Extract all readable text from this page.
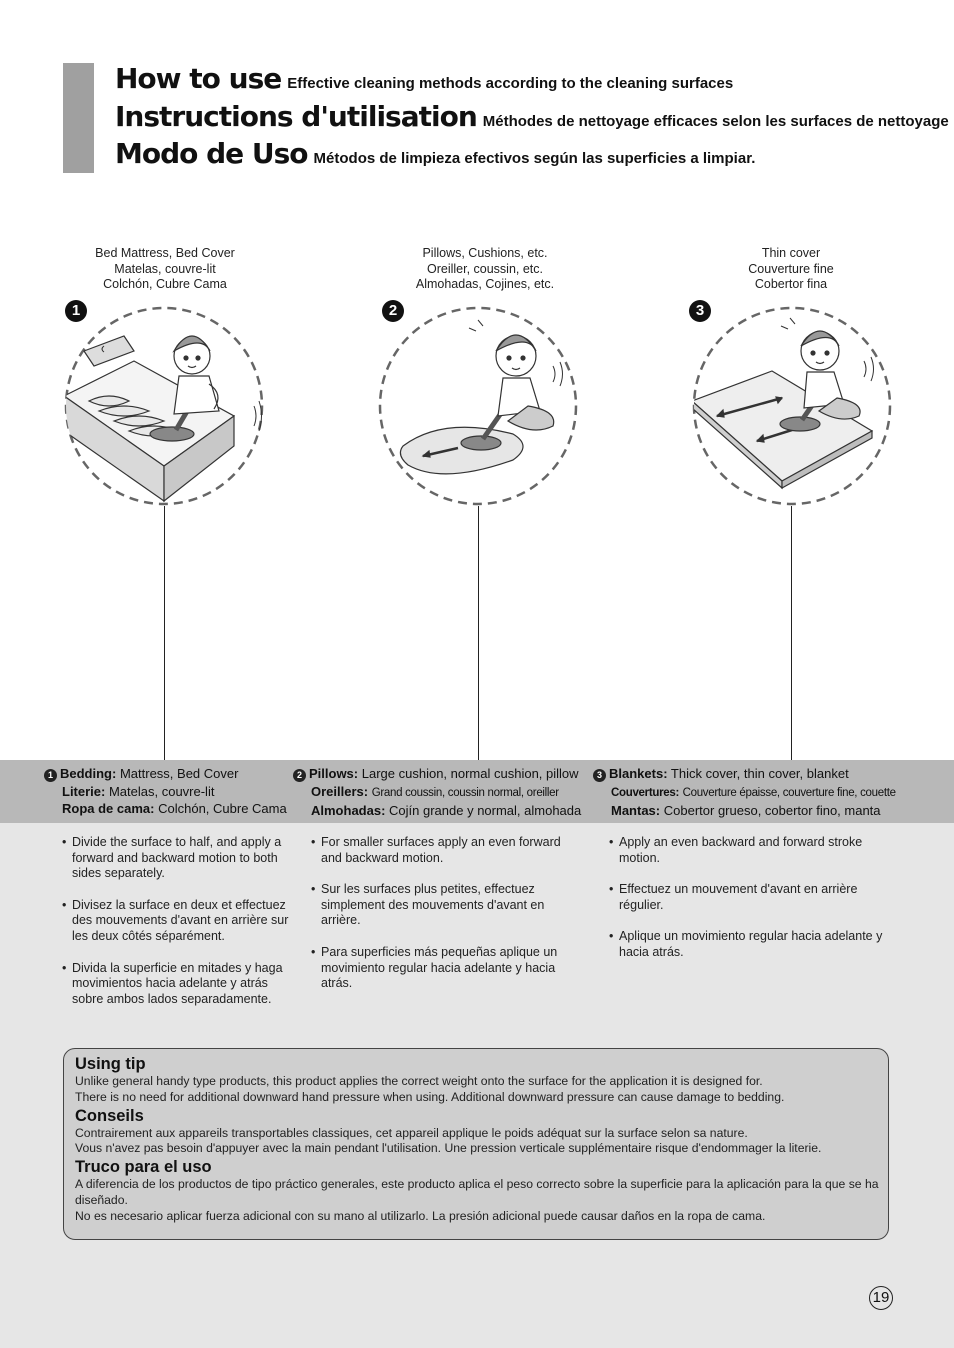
How to use Effective cleaning methods according to the cleaning surfaces
Instructions d'utilisation Méthodes de nettoyage efficaces selon les surfaces de nettoyage
Modo de Uso Métodos de limpieza efectivos según las superficies a limpiar.
Bed Mattress, Bed Cover
Matelas, couvre-lit
Colchón, Cubre Cama
Pillows, Cushions, etc.
Oreiller, coussin, etc.
Almohadas, Cojines, etc.
Thin cover
Couverture fine
Cobertor fina
1	2	3
1 Bedding: Mattress, Bed Cover
Literie: Matelas, couvre-lit
Ropa de cama: Colchón, Cubre Cama
2 Pillows: Large cushion, normal cushion, pillow
Oreillers: Grand coussin, coussin normal, oreiller
Almohadas: Cojín grande y normal, almohada
3 Blankets: Thick cover, thin cover, blanket
Couvertures: Couverture épaisse, couverture fine, couette
Mantas: Cobertor grueso, cobertor fino, manta
• Divide the surface to half, and apply a forward and backward motion to both sides separately.
• Divisez la surface en deux et effectuez des mouvements d'avant en arrière sur les deux côtés séparément.
• Divida la superficie en mitades y haga movimientos hacia adelante y atrás sobre ambos lados separadamente.
• For smaller surfaces apply an even forward and backward motion.
• Sur les surfaces plus petites, effectuez simplement des mouvements d'avant en arrière.
• Para superficies más pequeñas aplique un movimiento regular hacia adelante y hacia atrás.
• Apply an even backward and forward stroke motion.
• Effectuez un mouvement d'avant en arrière régulier.
• Aplique un movimiento regular hacia adelante y hacia atrás.
Using tip
Unlike general handy type products, this product applies the correct weight onto the surface for the application it is designed for.
There is no need for additional downward hand pressure when using. Additional downward pressure can cause damage to bedding.
Conseils
Contrairement aux appareils transportables classiques, cet appareil applique le poids adéquat sur la surface selon sa nature.
Vous n'avez pas besoin d'appuyer avec la main pendant l'utilisation. Une pression verticale supplémentaire risque d'endommager la literie.
Truco para el uso
A diferencia de los productos de tipo práctico generales, este producto aplica el peso correcto sobre la superficie para la aplicación para la que se ha diseñado.
No es necesario aplicar fuerza adicional con su mano al utilizarlo. La presión adicional puede causar daños en la ropa de cama.
19
